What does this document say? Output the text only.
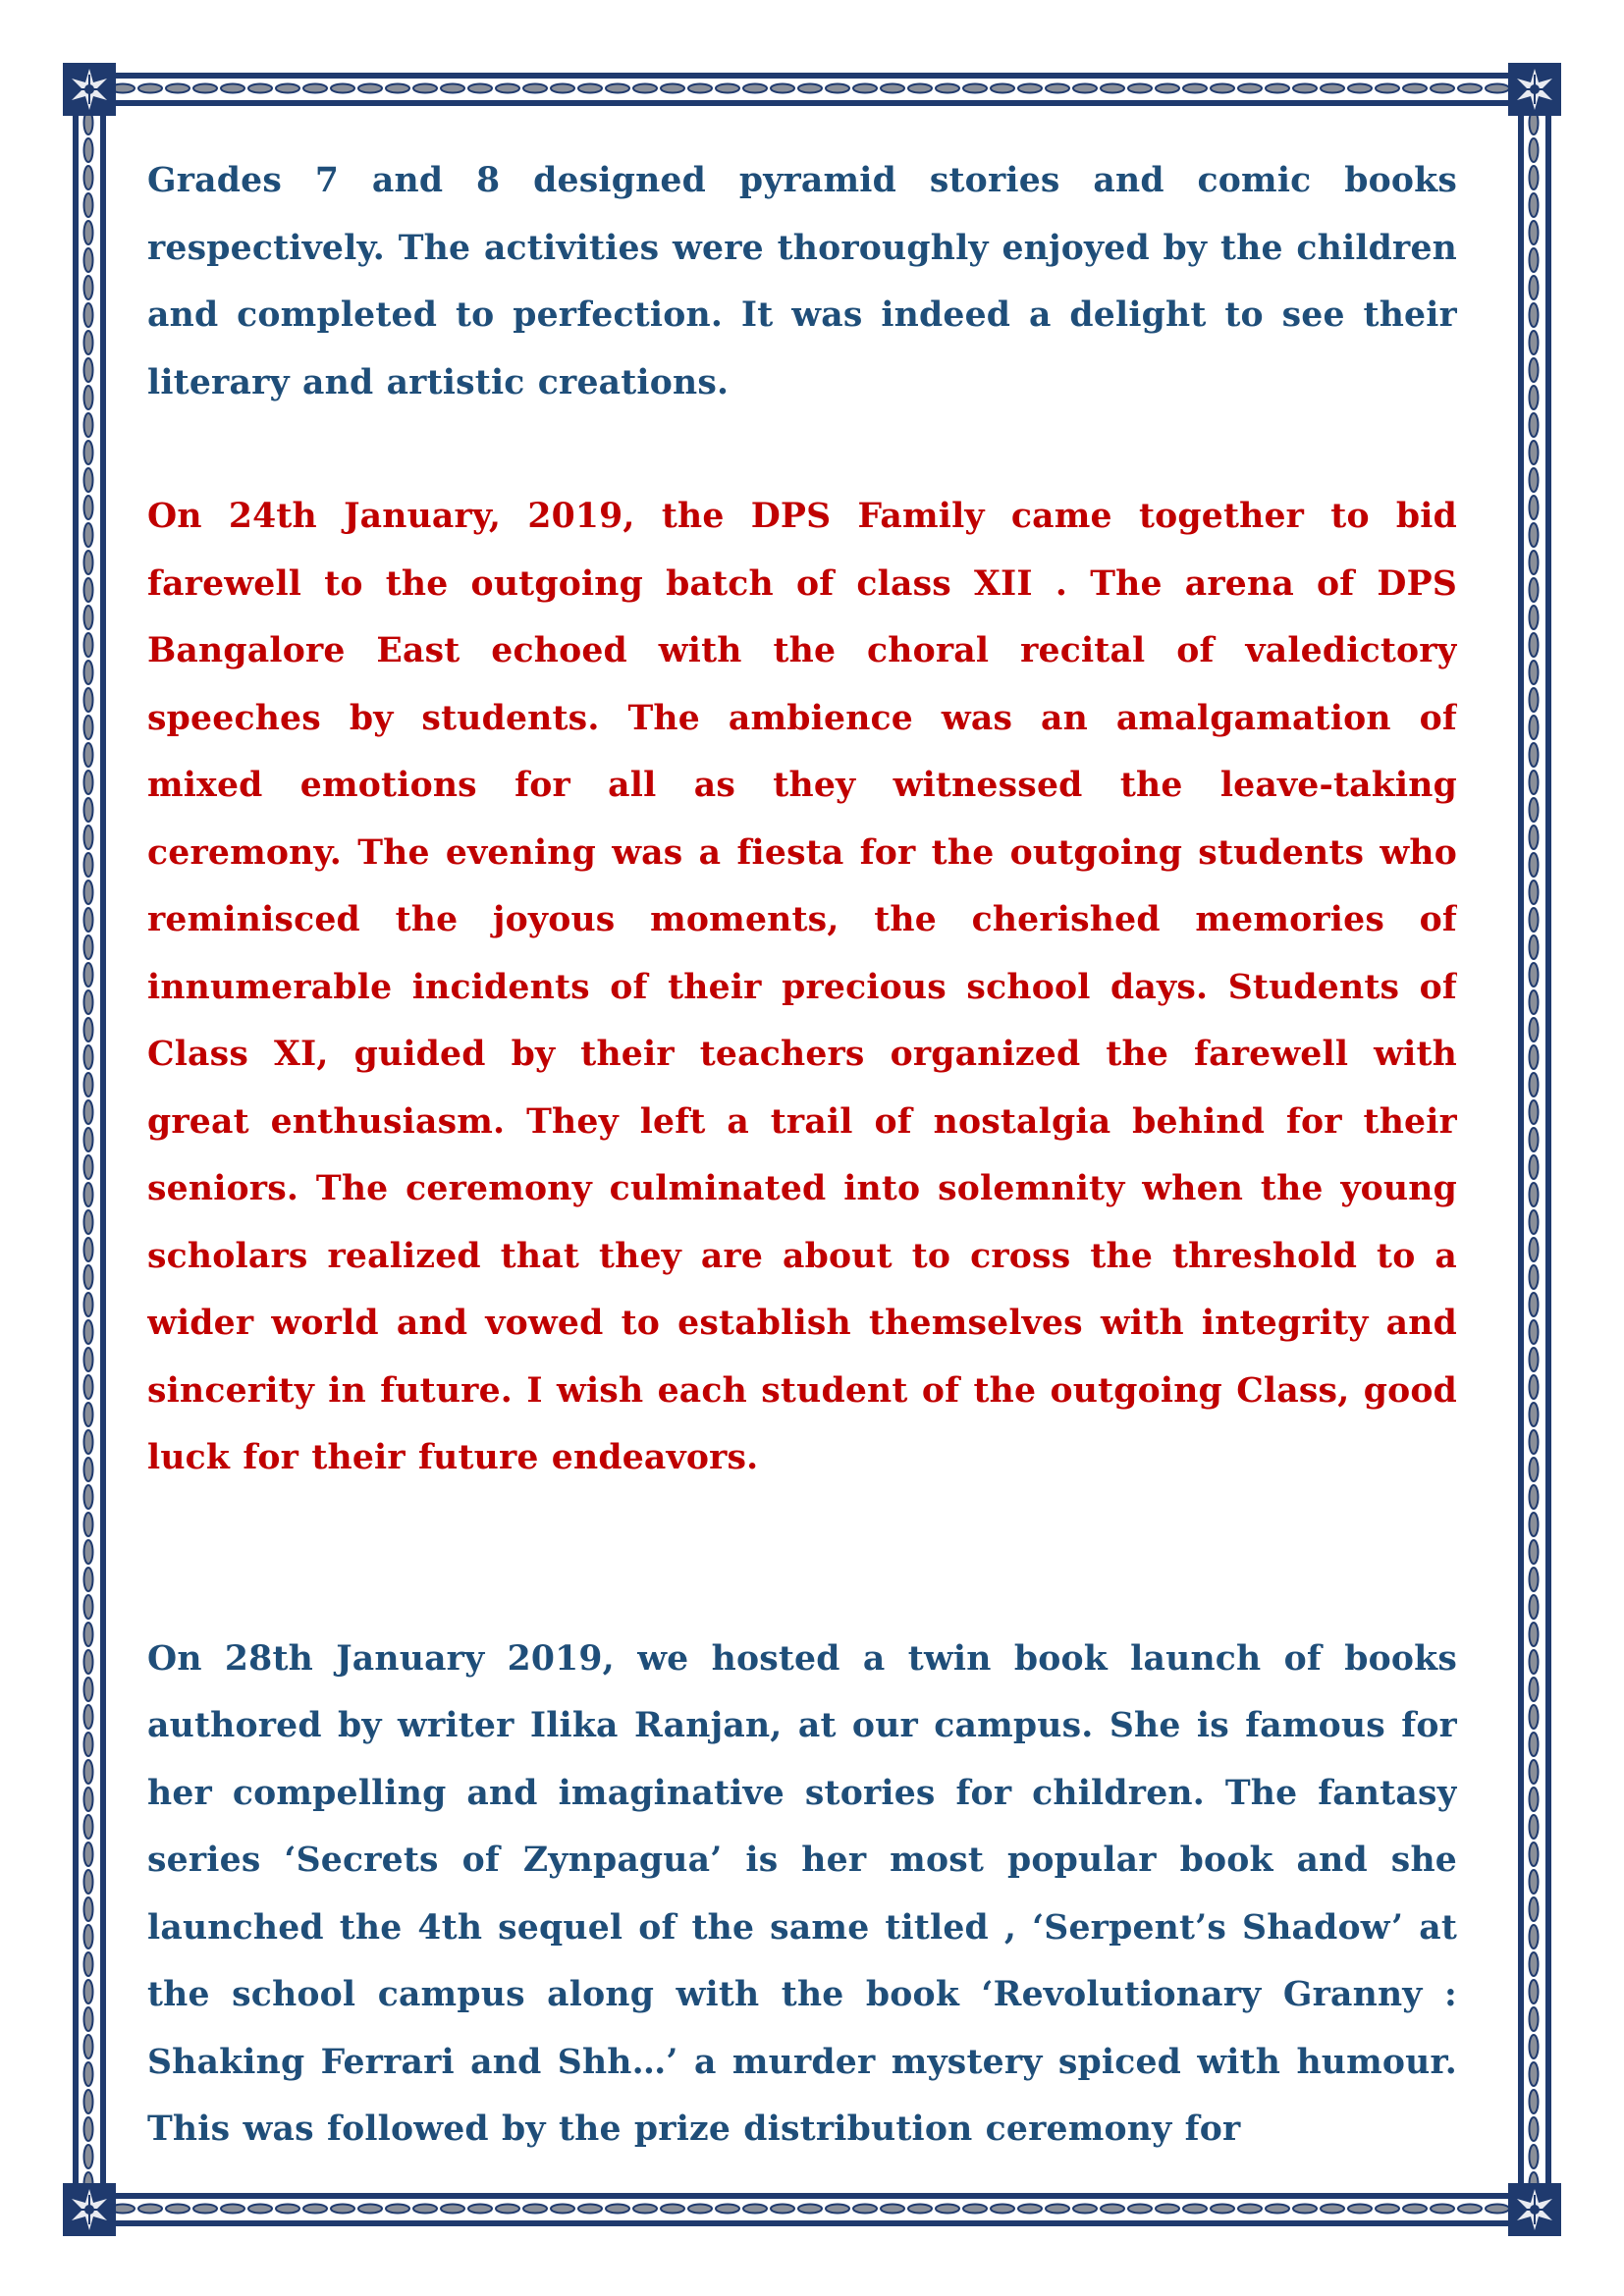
Grades 7 and 8 designed pyramid stories and comic books respectively. The activities were thoroughly enjoyed by the children and completed to perfection. It was indeed a delight to see their literary and artistic creations.

On 24th January, 2019, the DPS Family came together to bid farewell to the outgoing batch of class XII . The arena of DPS Bangalore East echoed with the choral recital of valedictory speeches by students. The ambience was an amalgamation of mixed emotions for all as they witnessed the leave-taking ceremony. The evening was a fiesta for the outgoing students who reminisced the joyous moments, the cherished memories of innumerable incidents of their precious school days. Students of Class XI, guided by their teachers organized the farewell with great enthusiasm. They left a trail of nostalgia behind for their seniors. The ceremony culminated into solemnity when the young scholars realized that they are about to cross the threshold to a wider world and vowed to establish themselves with integrity and sincerity in future. I wish each student of the outgoing Class, good luck for their future endeavors.

On 28th January 2019, we hosted a twin book launch of books authored by writer Ilika Ranjan, at our campus. She is famous for her compelling and imaginative stories for children. The fantasy series ‘Secrets of Zynpagua’ is her most popular book and she launched the 4th sequel of the same titled , ‘Serpent’s Shadow’ at the school campus along with the book ‘Revolutionary Granny : Shaking Ferrari and Shh…’ a murder mystery spiced with humour. This was followed by the prize distribution ceremony for
